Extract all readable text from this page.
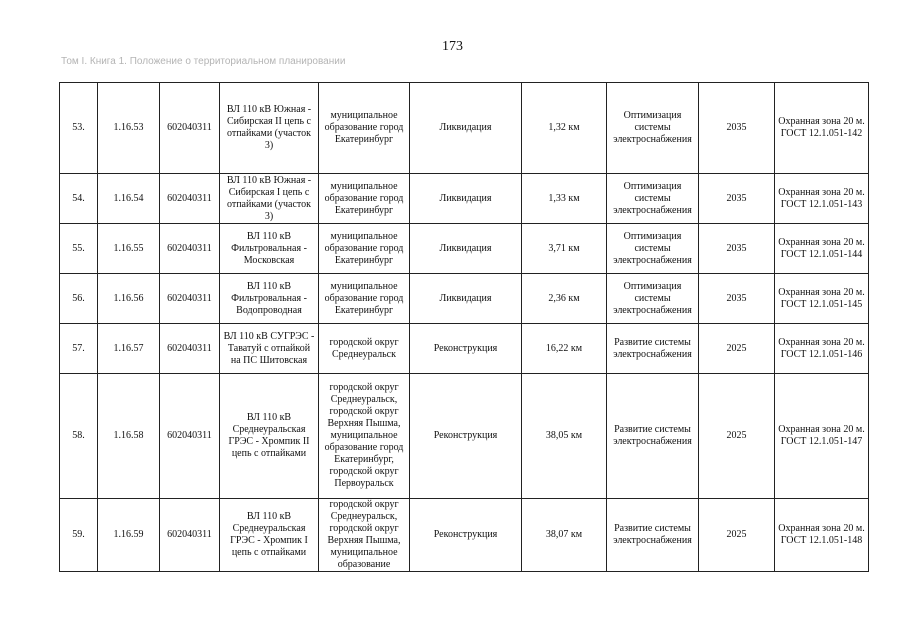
173
Том I. Книга 1. Положение о территориальном планировании
53.	1.16.53	602040311	ВЛ 110 кВ Южная - Сибирская II цепь с отпайками (участок 3)	муниципальное образование город Екатеринбург	Ликвидация	1,32 км	Оптимизация системы электроснабжения	2035	Охранная зона 20 м. ГОСТ 12.1.051-142
54.	1.16.54	602040311	ВЛ 110 кВ Южная - Сибирская I цепь с отпайками (участок 3)	муниципальное образование город Екатеринбург	Ликвидация	1,33 км	Оптимизация системы электроснабжения	2035	Охранная зона 20 м. ГОСТ 12.1.051-143
55.	1.16.55	602040311	ВЛ 110 кВ Фильтровальная - Московская	муниципальное образование город Екатеринбург	Ликвидация	3,71 км	Оптимизация системы электроснабжения	2035	Охранная зона 20 м. ГОСТ 12.1.051-144
56.	1.16.56	602040311	ВЛ 110 кВ Фильтровальная - Водопроводная	муниципальное образование город Екатеринбург	Ликвидация	2,36 км	Оптимизация системы электроснабжения	2035	Охранная зона 20 м. ГОСТ 12.1.051-145
57.	1.16.57	602040311	ВЛ 110 кВ СУГРЭС - Таватуй с отпайкой на ПС Шитовская	городской округ Среднеуральск	Реконструкция	16,22 км	Развитие системы электроснабжения	2025	Охранная зона 20 м. ГОСТ 12.1.051-146
58.	1.16.58	602040311	ВЛ 110 кВ Среднеуральская ГРЭС - Хромпик II цепь с отпайками	городской округ Среднеуральск, городской округ Верхняя Пышма, муниципальное образование город Екатеринбург, городской округ Первоуральск	Реконструкция	38,05 км	Развитие системы электроснабжения	2025	Охранная зона 20 м. ГОСТ 12.1.051-147
59.	1.16.59	602040311	ВЛ 110 кВ Среднеуральская ГРЭС - Хромпик I цепь с отпайками	городской округ Среднеуральск, городской округ Верхняя Пышма, муниципальное образование	Реконструкция	38,07 км	Развитие системы электроснабжения	2025	Охранная зона 20 м. ГОСТ 12.1.051-148
